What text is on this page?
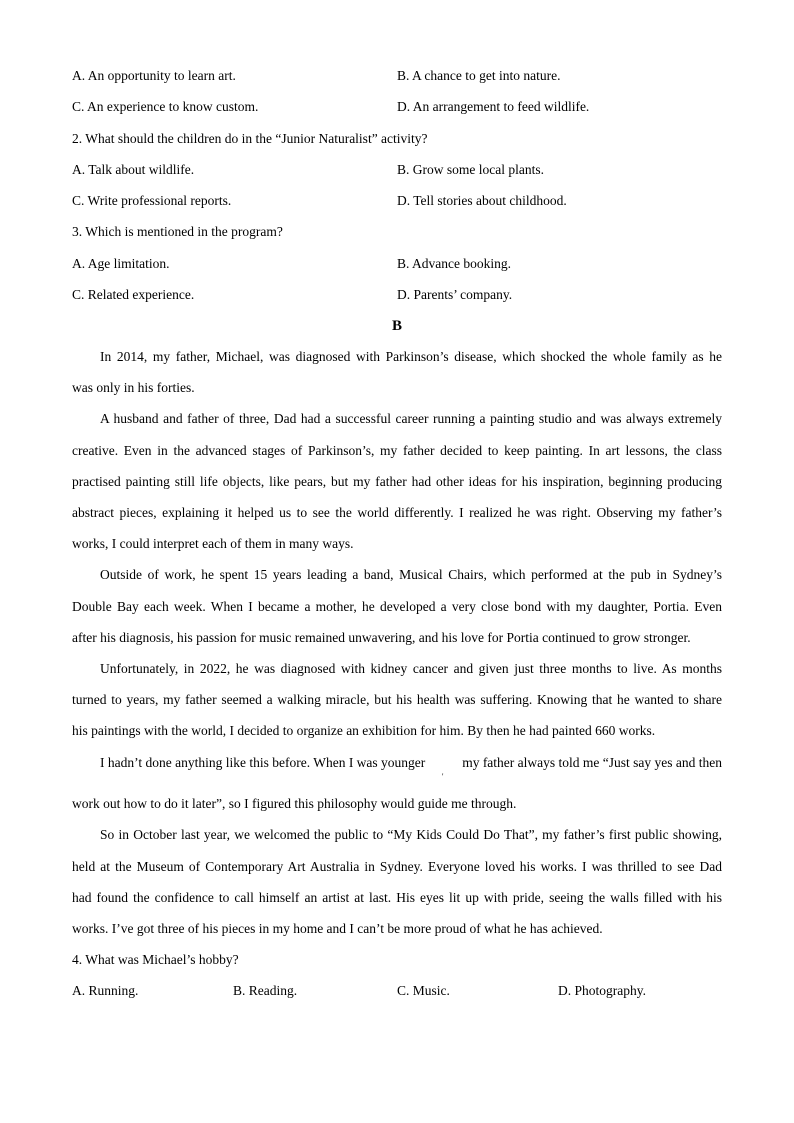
A. An opportunity to learn art.	B. A chance to get into nature.
C. An experience to know custom.	D. An arrangement to feed wildlife.
2. What should the children do in the “Junior Naturalist” activity?
A. Talk about wildlife.	B. Grow some local plants.
C. Write professional reports.	D. Tell stories about childhood.
3. Which is mentioned in the program?
A. Age limitation.	B. Advance booking.
C. Related experience.	D. Parents’ company.
B
In 2014, my father, Michael, was diagnosed with Parkinson’s disease, which shocked the whole family as he
was only in his forties.
A husband and father of three, Dad had a successful career running a painting studio and was always extremely
creative. Even in the advanced stages of Parkinson’s, my father decided to keep painting. In art lessons, the class
practised painting still life objects, like pears, but my father had other ideas for his inspiration, beginning producing
abstract pieces, explaining it helped us to see the world differently. I realized he was right. Observing my father’s
works, I could interpret each of them in many ways.
Outside of work, he spent 15 years leading a band, Musical Chairs, which performed at the pub in Sydney’s
Double Bay each week. When I became a mother, he developed a very close bond with my daughter, Portia. Even
after his diagnosis, his passion for music remained unwavering, and his love for Portia continued to grow stronger.
Unfortunately, in 2022, he was diagnosed with kidney cancer and given just three months to live. As months
turned to years, my father seemed a walking miracle, but his health was suffering. Knowing that he wanted to share
his paintings with the world, I decided to organize an exhibition for him. By then he had painted 660 works.
I hadn’t done anything like this before. When I was younger	my father always told me “Just say yes and then
'
work out how to do it later”, so I figured this philosophy would guide me through.
So in October last year, we welcomed the public to “My Kids Could Do That”, my father’s first public showing,
held at the Museum of Contemporary Art Australia in Sydney. Everyone loved his works. I was thrilled to see Dad
had found the confidence to call himself an artist at last. His eyes lit up with pride, seeing the walls filled with his
works. I’ve got three of his pieces in my home and I can’t be more proud of what he has achieved.
4. What was Michael’s hobby?
A. Running.	B. Reading.	C. Music.	D. Photography.
